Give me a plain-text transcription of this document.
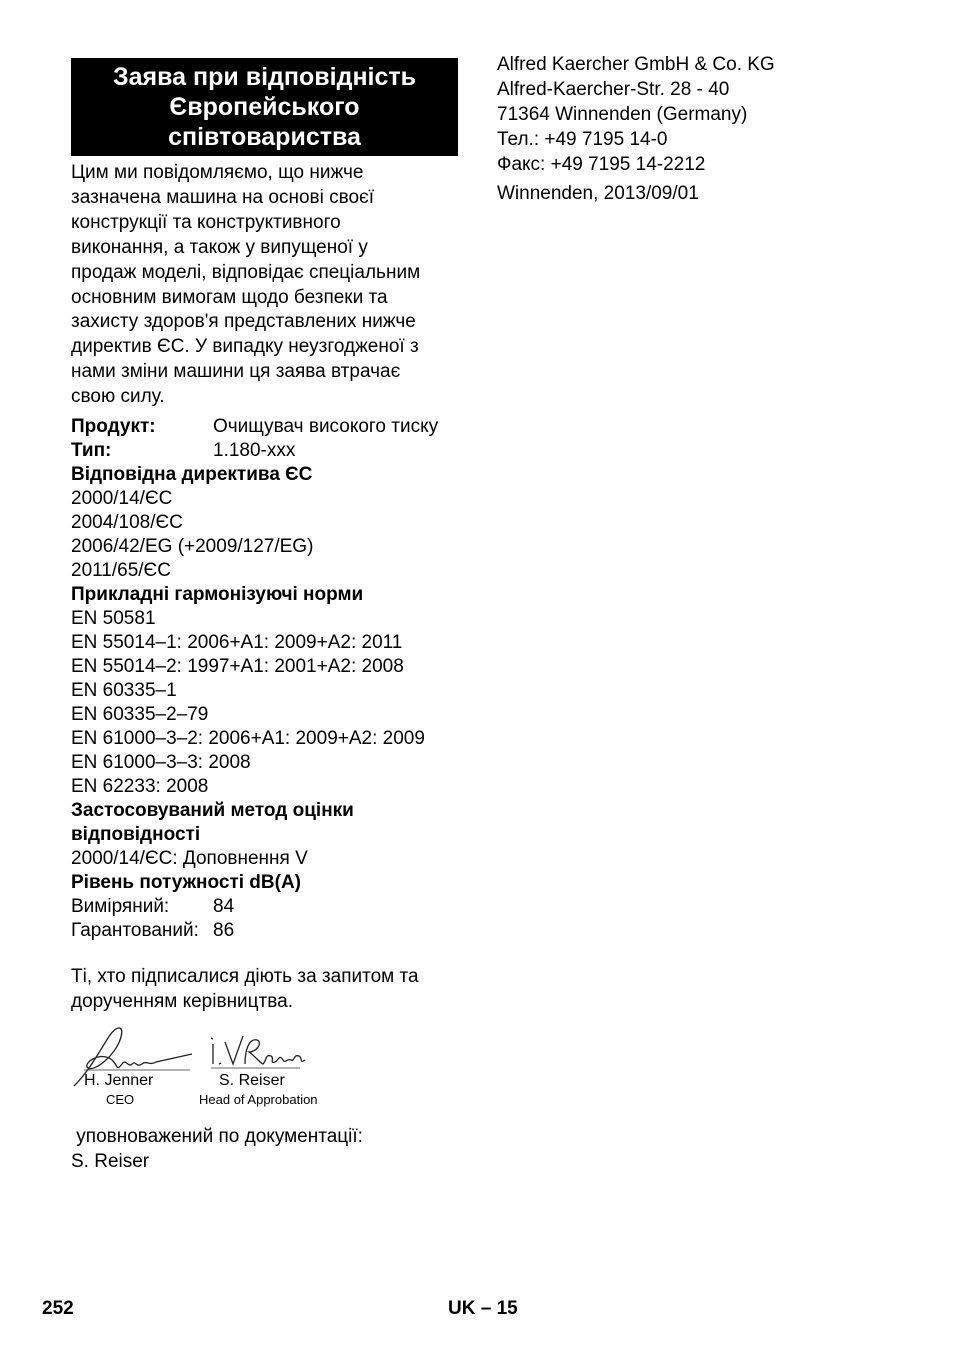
Заява при відповідність
Європейського
співтовариства
Цим ми повідомляємо, що нижче
зазначена машина на основі своєї
конструкції та конструктивного
виконання, а також у випущеної у
продаж моделі, відповідає спеціальним
основним вимогам щодо безпеки та
захисту здоров'я представлених нижче
директив ЄС. У випадку неузгодженої з
нами зміни машини ця заява втрачає
свою силу.
Продукт:	Очищувач високого тиску
Тип:	1.180-xxx
Відповідна директива ЄС
2000/14/ЄС
2004/108/ЄС
2006/42/EG (+2009/127/EG)
2011/65/ЄС
Прикладні гармонізуючі норми
EN 50581
EN 55014–1: 2006+A1: 2009+A2: 2011
EN 55014–2: 1997+A1: 2001+A2: 2008
EN 60335–1
EN 60335–2–79
EN 61000–3–2: 2006+A1: 2009+A2: 2009
EN 61000–3–3: 2008
EN 62233: 2008
Застосовуваний метод оцінки
відповідності
2000/14/ЄС: Доповнення V
Рівень потужності dB(A)
Виміряний:	84
Гарантований: 86
Ті, хто підписалися діють за запитом та
дорученням керівництва.
H. Jenner
CEO
S. Reiser
Head of Approbation
уповноважений по документації:
S. Reiser
Alfred Kaercher GmbH & Co. KG
Alfred-Kaercher-Str. 28 - 40
71364 Winnenden (Germany)
Тел.: +49 7195 14-0
Факс: +49 7195 14-2212
Winnenden, 2013/09/01
252	UK – 15
